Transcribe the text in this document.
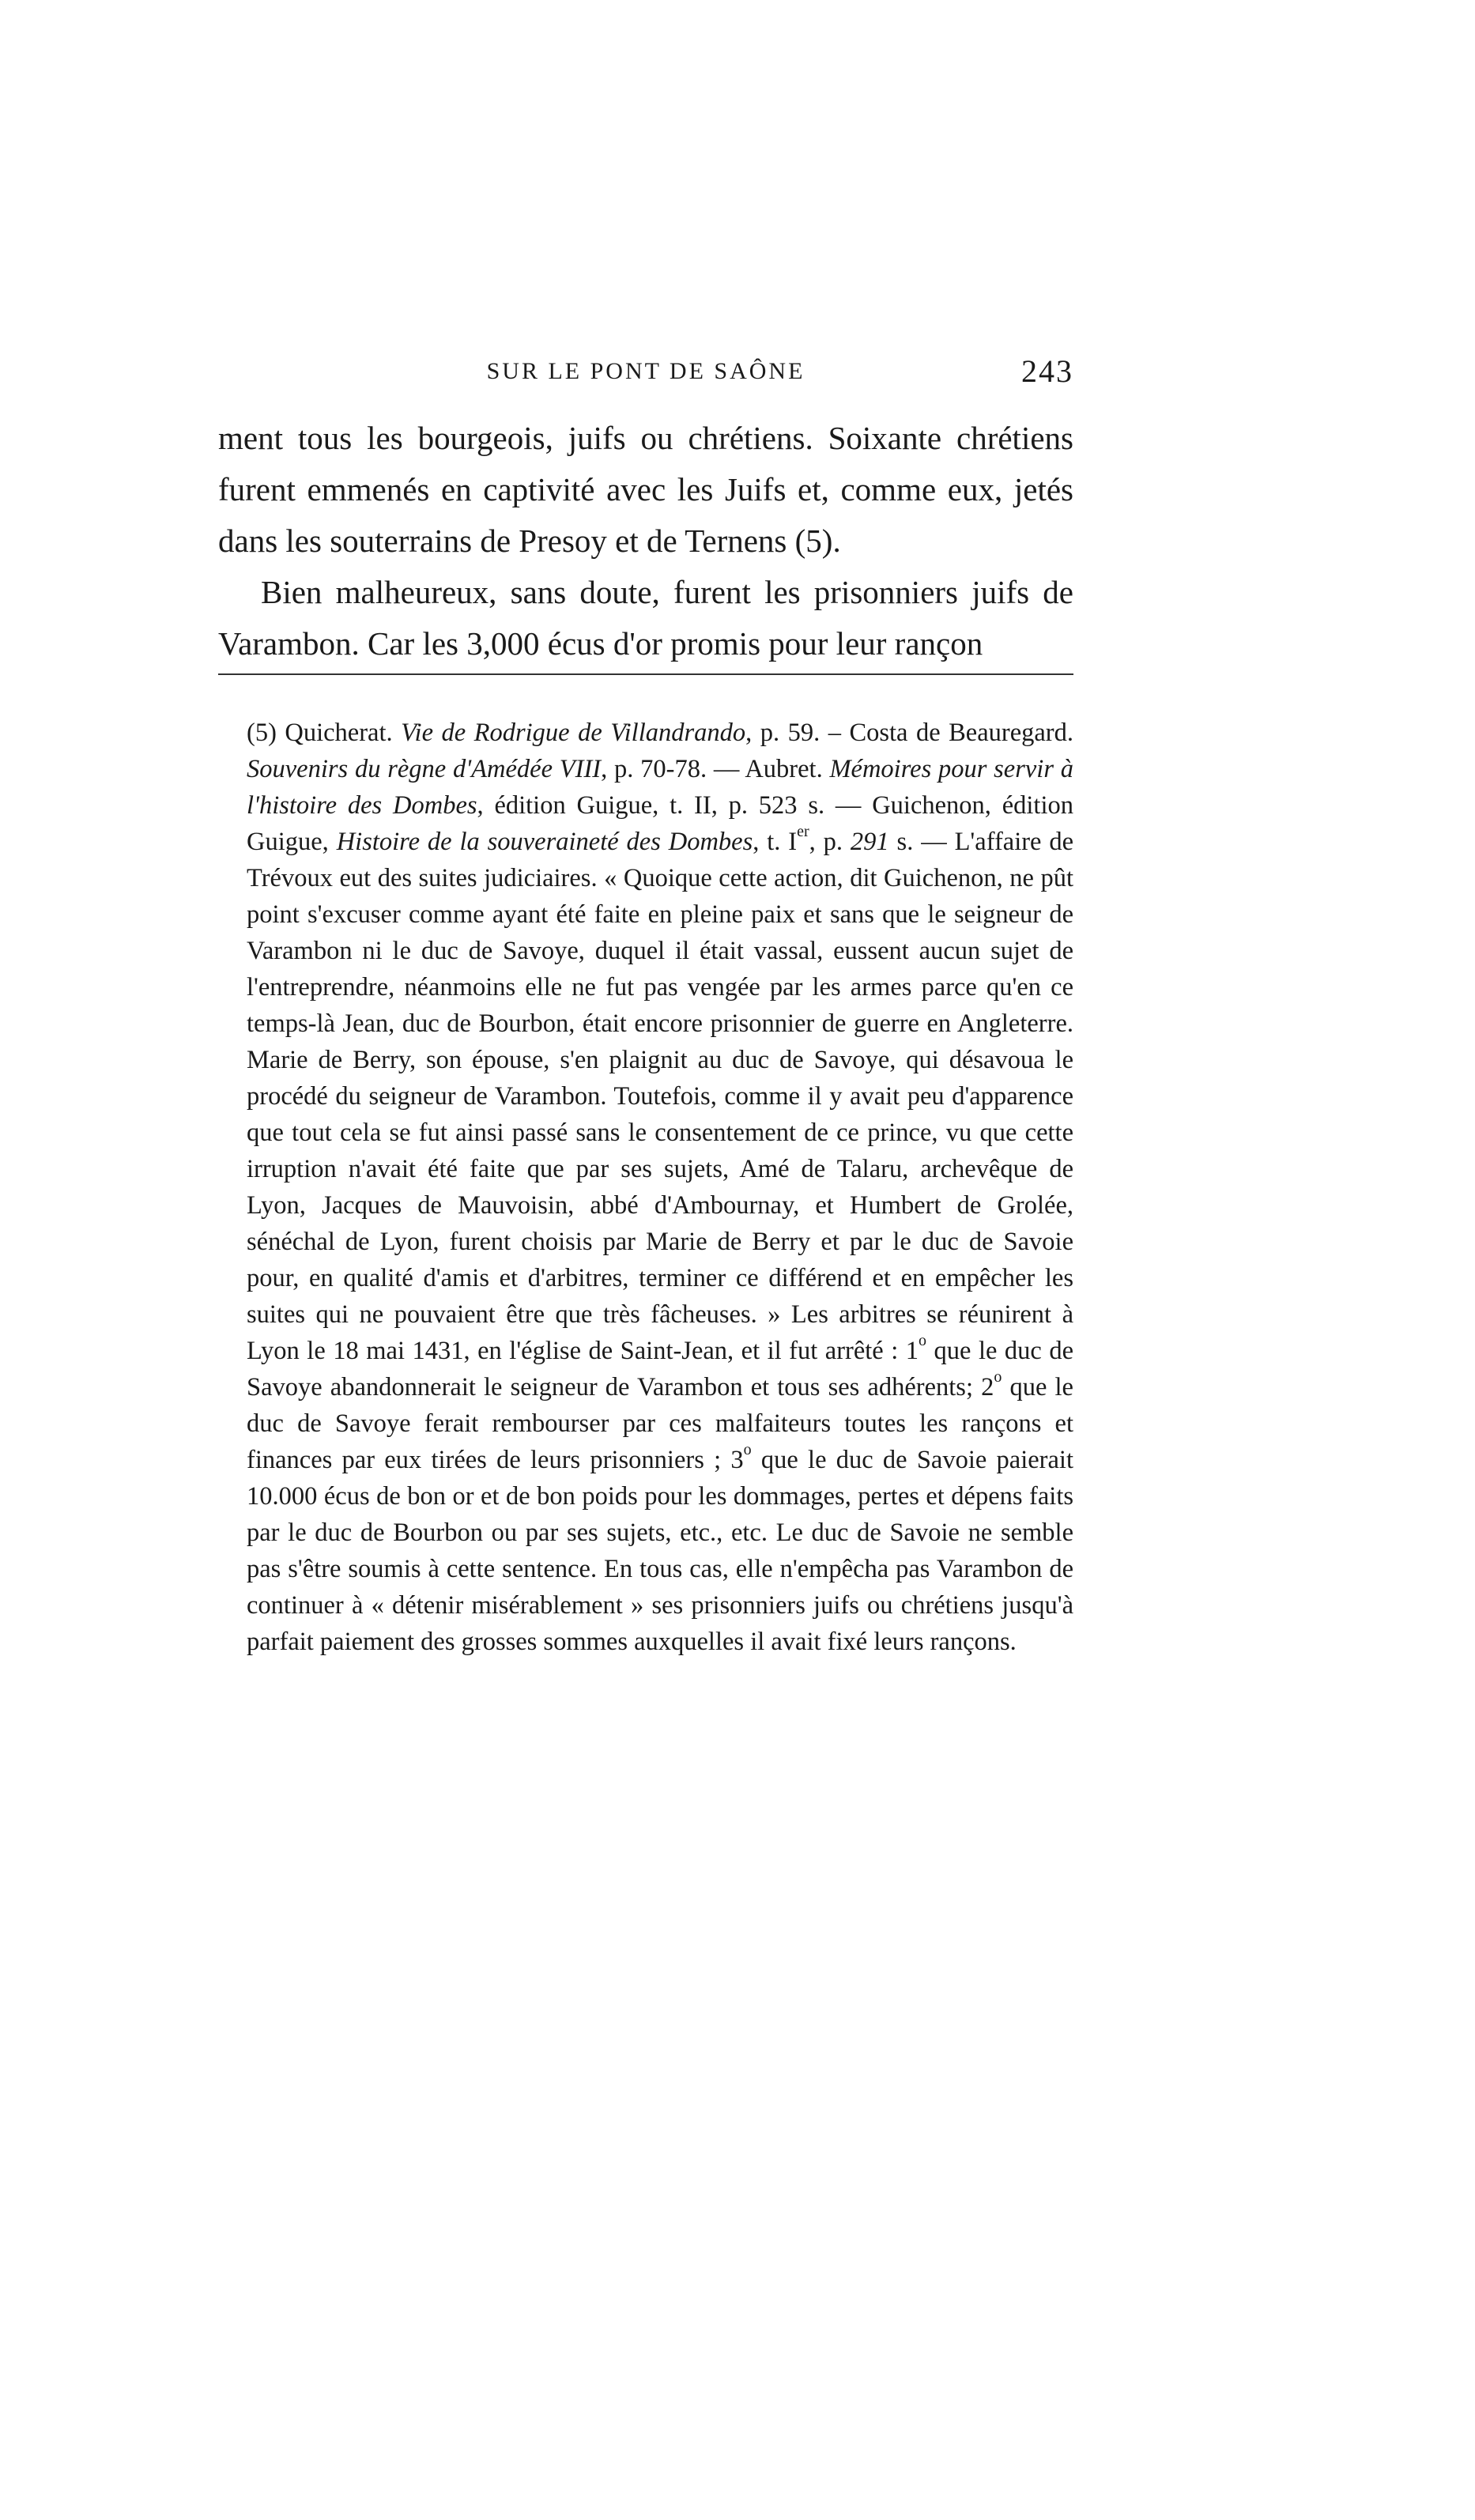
SUR LE PONT DE SAÔNE	243

ment tous les bourgeois, juifs ou chrétiens. Soixante chrétiens furent emmenés en captivité avec les Juifs et, comme eux, jetés dans les souterrains de Presoy et de Ternens (5).

Bien malheureux, sans doute, furent les prisonniers juifs de Varambon. Car les 3,000 écus d'or promis pour leur rançon

(5) Quicherat. Vie de Rodrigue de Villandrando, p. 59. – Costa de Beauregard. Souvenirs du règne d'Amédée VIII, p. 70-78. — Aubret. Mémoires pour servir à l'histoire des Dombes, édition Guigue, t. II, p. 523 s. — Guichenon, édition Guigue, Histoire de la souveraineté des Dombes, t. Ier, p. 291 s. — L'affaire de Trévoux eut des suites judiciaires. « Quoique cette action, dit Guichenon, ne pût point s'excuser comme ayant été faite en pleine paix et sans que le seigneur de Varambon ni le duc de Savoye, duquel il était vassal, eussent aucun sujet de l'entreprendre, néanmoins elle ne fut pas vengée par les armes parce qu'en ce temps-là Jean, duc de Bourbon, était encore prisonnier de guerre en Angleterre. Marie de Berry, son épouse, s'en plaignit au duc de Savoye, qui désavoua le procédé du seigneur de Varambon. Toutefois, comme il y avait peu d'apparence que tout cela se fut ainsi passé sans le consentement de ce prince, vu que cette irruption n'avait été faite que par ses sujets, Amé de Talaru, archevêque de Lyon, Jacques de Mauvoisin, abbé d'Ambournay, et Humbert de Grolée, sénéchal de Lyon, furent choisis par Marie de Berry et par le duc de Savoie pour, en qualité d'amis et d'arbitres, terminer ce différend et en empêcher les suites qui ne pouvaient être que très fâcheuses. » Les arbitres se réunirent à Lyon le 18 mai 1431, en l'église de Saint-Jean, et il fut arrêté : 1$^o$ que le duc de Savoye abandonnerait le seigneur de Varambon et tous ses adhérents; 2$^o$ que le duc de Savoye ferait rembourser par ces malfaiteurs toutes les rançons et finances par eux tirées de leurs prisonniers ; 3$^o$ que le duc de Savoie paierait 10.000 écus de bon or et de bon poids pour les dommages, pertes et dépens faits par le duc de Bourbon ou par ses sujets, etc., etc. Le duc de Savoie ne semble pas s'être soumis à cette sentence. En tous cas, elle n'empêcha pas Varambon de continuer à « détenir misérablement » ses prisonniers juifs ou chrétiens jusqu'à parfait paiement des grosses sommes auxquelles il avait fixé leurs rançons.
